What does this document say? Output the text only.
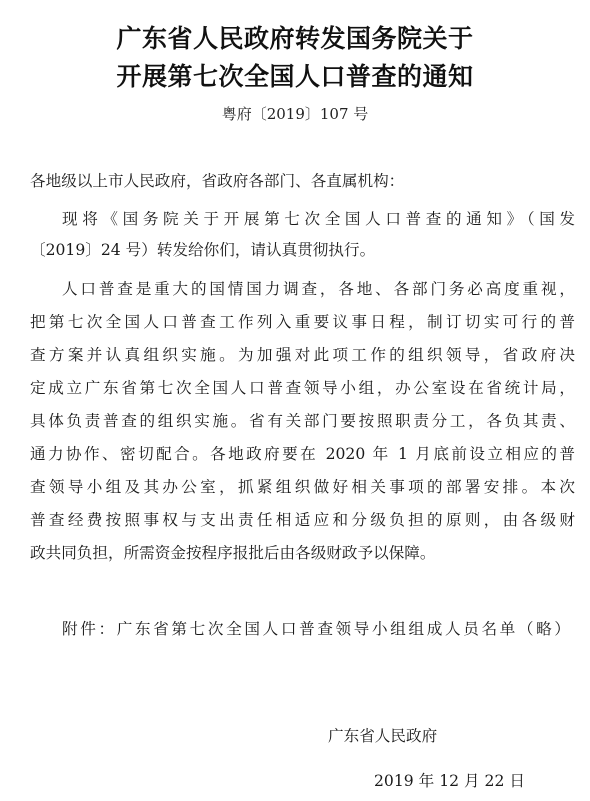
广东省人民政府转发国务院关于
开展第七次全国人口普查的通知
粤府〔2019〕107 号
各地级以上市人民政府，省政府各部门、各直属机构：
现将《国务院关于开展第七次全国人口普查的通知》（国发
〔2019〕24 号）转发给你们，请认真贯彻执行。
人口普查是重大的国情国力调查，各地、各部门务必高度重视，
把第七次全国人口普查工作列入重要议事日程，制订切实可行的普
查方案并认真组织实施。为加强对此项工作的组织领导，省政府决
定成立广东省第七次全国人口普查领导小组，办公室设在省统计局，
具体负责普查的组织实施。省有关部门要按照职责分工，各负其责、
通力协作、密切配合。各地政府要在 2020 年 1 月底前设立相应的普
查领导小组及其办公室，抓紧组织做好相关事项的部署安排。本次
普查经费按照事权与支出责任相适应和分级负担的原则，由各级财
政共同负担，所需资金按程序报批后由各级财政予以保障。
附件：广东省第七次全国人口普查领导小组组成人员名单（略）
广东省人民政府
2019 年 12 月 22 日
